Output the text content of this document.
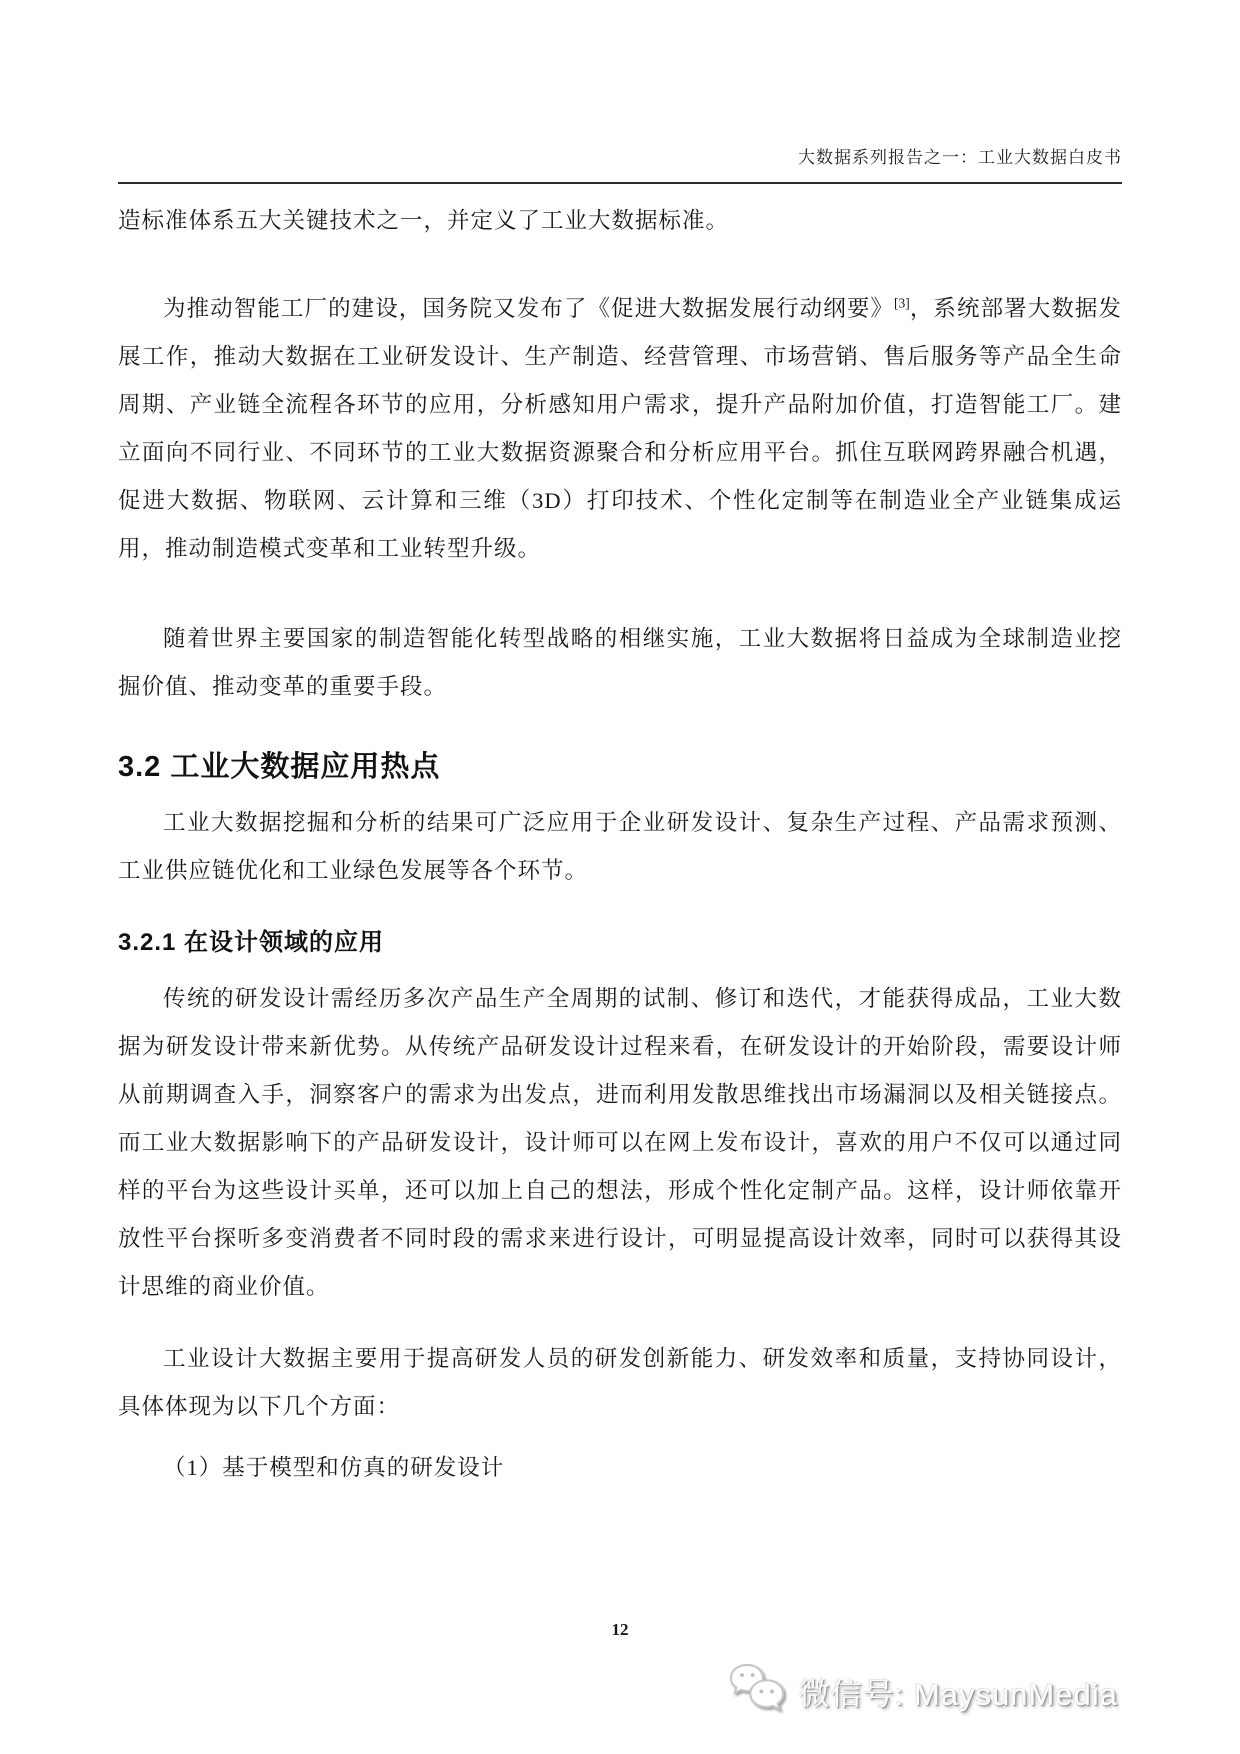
大数据系列报告之一：工业大数据白皮书

造标准体系五大关键技术之一，并定义了工业大数据标准。

为推动智能工厂的建设，国务院又发布了《促进大数据发展行动纲要》[3]，系统部署大数据发展工作，推动大数据在工业研发设计、生产制造、经营管理、市场营销、售后服务等产品全生命周期、产业链全流程各环节的应用，分析感知用户需求，提升产品附加价值，打造智能工厂。建立面向不同行业、不同环节的工业大数据资源聚合和分析应用平台。抓住互联网跨界融合机遇，促进大数据、物联网、云计算和三维（3D）打印技术、个性化定制等在制造业全产业链集成运用，推动制造模式变革和工业转型升级。

随着世界主要国家的制造智能化转型战略的相继实施，工业大数据将日益成为全球制造业挖掘价值、推动变革的重要手段。

3.2 工业大数据应用热点

工业大数据挖掘和分析的结果可广泛应用于企业研发设计、复杂生产过程、产品需求预测、工业供应链优化和工业绿色发展等各个环节。

3.2.1 在设计领域的应用

传统的研发设计需经历多次产品生产全周期的试制、修订和迭代，才能获得成品，工业大数据为研发设计带来新优势。从传统产品研发设计过程来看，在研发设计的开始阶段，需要设计师从前期调查入手，洞察客户的需求为出发点，进而利用发散思维找出市场漏洞以及相关链接点。而工业大数据影响下的产品研发设计，设计师可以在网上发布设计，喜欢的用户不仅可以通过同样的平台为这些设计买单，还可以加上自己的想法，形成个性化定制产品。这样，设计师依靠开放性平台探听多变消费者不同时段的需求来进行设计，可明显提高设计效率，同时可以获得其设计思维的商业价值。

工业设计大数据主要用于提高研发人员的研发创新能力、研发效率和质量，支持协同设计，具体体现为以下几个方面：

（1）基于模型和仿真的研发设计

12
微信号: MaysunMedia
